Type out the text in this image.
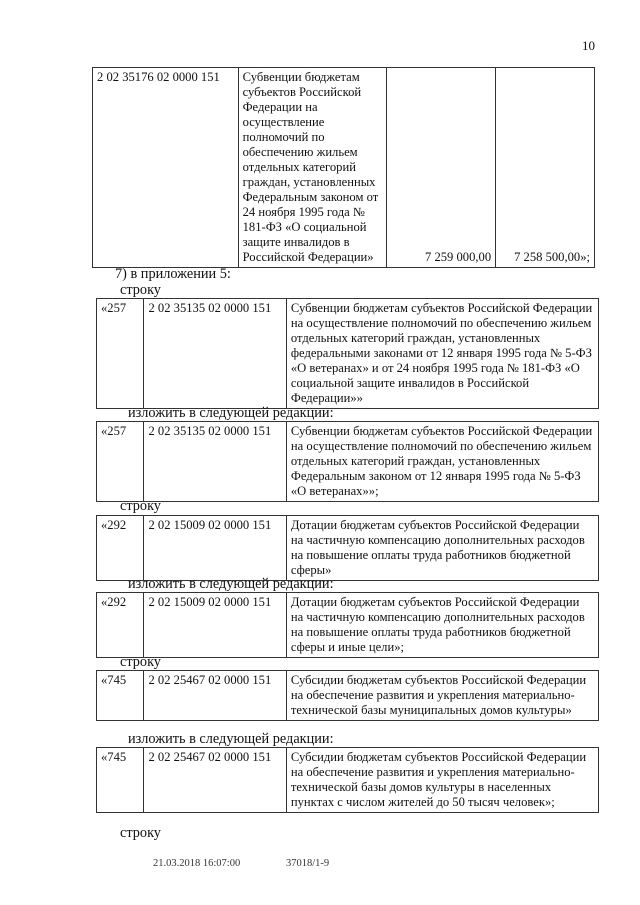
10
2 02 35176 02 0000 151	Субвенции бюджетам субъектов Российской Федерации на осуществление полномочий по обеспечению жильем отдельных категорий граждан, установленных Федеральным законом от 24 ноября 1995 года № 181-ФЗ «О социальной защите инвалидов в Российской Федерации»	7 259 000,00	7 258 500,00»;
7) в приложении 5:
строку
«257	2 02 35135 02 0000 151	Субвенции бюджетам субъектов Российской Федерации на осуществление полномочий по обеспечению жильем отдельных категорий граждан, установленных федеральными законами от 12 января 1995 года № 5-ФЗ «О ветеранах» и от 24 ноября 1995 года № 181-ФЗ «О социальной защите инвалидов в Российской Федерации»»
изложить в следующей редакции:
«257	2 02 35135 02 0000 151	Субвенции бюджетам субъектов Российской Федерации на осуществление полномочий по обеспечению жильем отдельных категорий граждан, установленных Федеральным законом от 12 января 1995 года № 5-ФЗ «О ветеранах»»;
строку
«292	2 02 15009 02 0000 151	Дотации бюджетам субъектов Российской Федерации на частичную компенсацию дополнительных расходов на повышение оплаты труда работников бюджетной сферы»
изложить в следующей редакции:
«292	2 02 15009 02 0000 151	Дотации бюджетам субъектов Российской Федерации на частичную компенсацию дополнительных расходов на повышение оплаты труда работников бюджетной сферы и иные цели»;
строку
«745	2 02 25467 02 0000 151	Субсидии бюджетам субъектов Российской Федерации на обеспечение развития и укрепления материально-технической базы муниципальных домов культуры»
изложить в следующей редакции:
«745	2 02 25467 02 0000 151	Субсидии бюджетам субъектов Российской Федерации на обеспечение развития и укрепления материально-технической базы домов культуры в населенных пунктах с числом жителей до 50 тысяч человек»;
строку
21.03.2018 16:07:00	37018/1-9
